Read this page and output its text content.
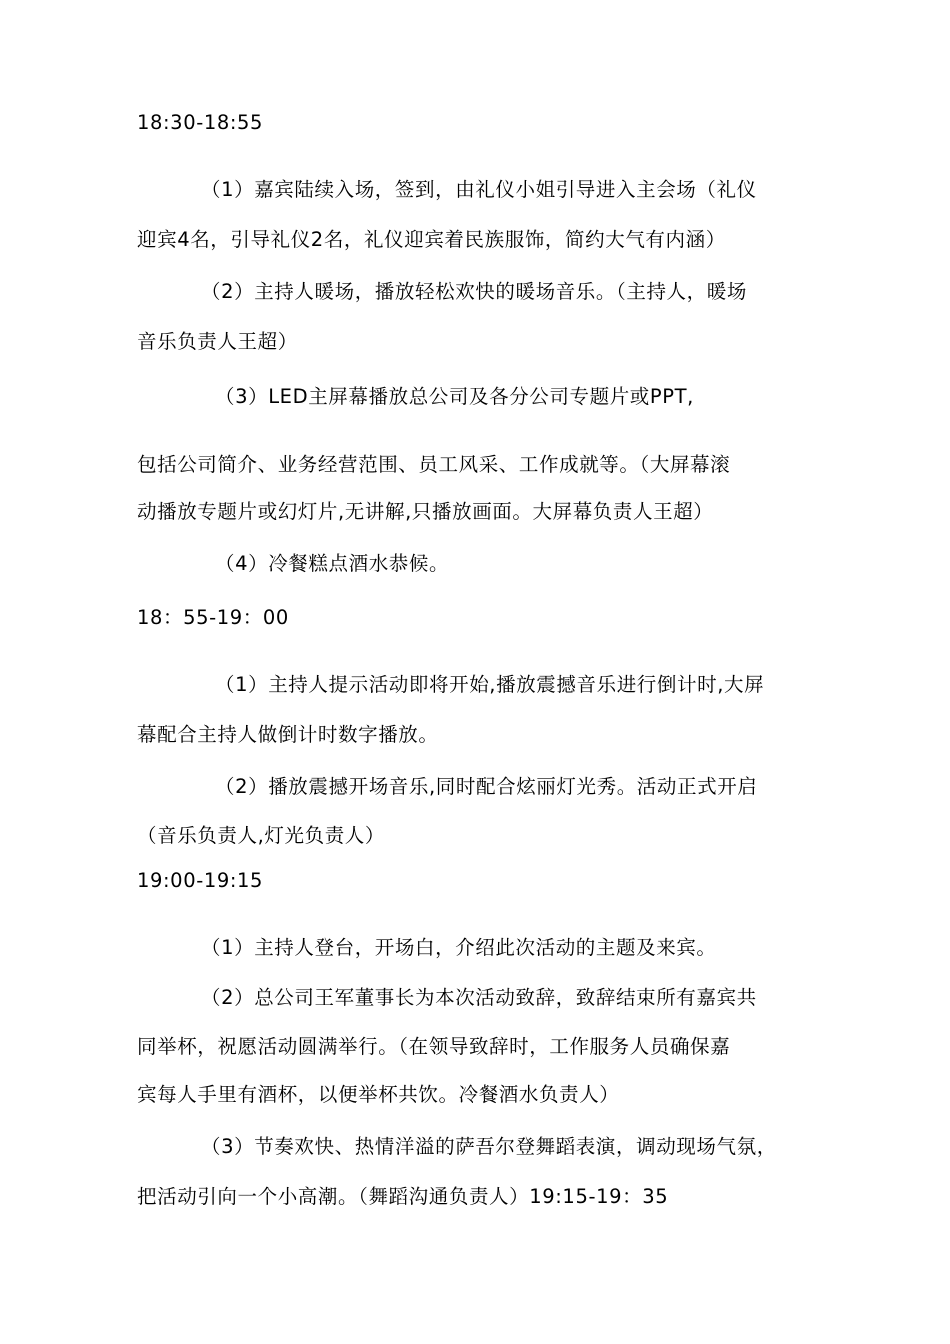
18:30-18:55
（1）嘉宾陆续入场，签到，由礼仪小姐引导进入主会场（礼仪
迎宾4名，引导礼仪2名，礼仪迎宾着民族服饰，简约大气有内涵）
（2）主持人暖场，播放轻松欢快的暖场音乐。（主持人，暖场
音乐负责人王超）
（3）LED主屏幕播放总公司及各分公司专题片或PPT,
包括公司简介、业务经营范围、员工风采、工作成就等。（大屏幕滚
动播放专题片或幻灯片,无讲解,只播放画面。大屏幕负责人王超）
（4）冷餐糕点酒水恭候。
18：55-19：00
（1）主持人提示活动即将开始,播放震撼音乐进行倒计时,大屏
幕配合主持人做倒计时数字播放。
（2）播放震撼开场音乐,同时配合炫丽灯光秀。活动正式开启
（音乐负责人,灯光负责人）
19:00-19:15
（1）主持人登台，开场白，介绍此次活动的主题及来宾。
（2）总公司王军董事长为本次活动致辞，致辞结束所有嘉宾共
同举杯，祝愿活动圆满举行。（在领导致辞时，工作服务人员确保嘉
宾每人手里有酒杯，以便举杯共饮。冷餐酒水负责人）
（3）节奏欢快、热情洋溢的萨吾尔登舞蹈表演，调动现场气氛，
把活动引向一个小高潮。（舞蹈沟通负责人）19:15-19：35
